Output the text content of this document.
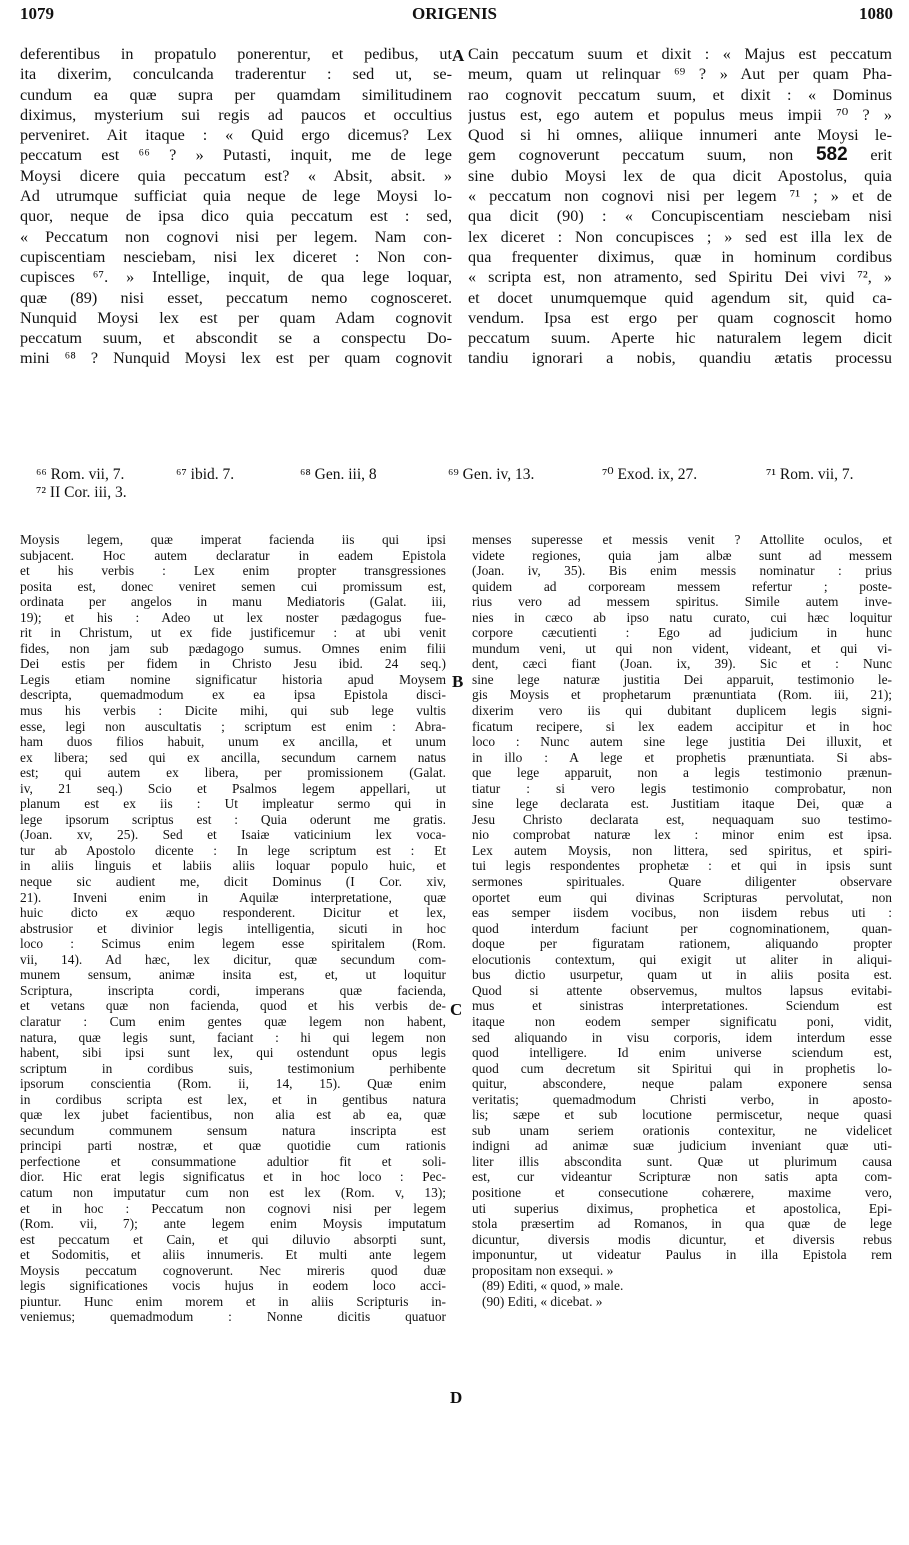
1079	ORIGENIS	1080
deferentibus in propatulo ponerentur, et pedibus, ut
ita dixerim, conculcanda traderentur : sed ut, se-
cundum ea quæ supra per quamdam similitudinem
diximus, mysterium sui regis ad paucos et occultius
perveniret. Ait itaque : « Quid ergo dicemus? Lex
peccatum est ⁶⁶ ? » Putasti, inquit, me de lege
Moysi dicere quia peccatum est? « Absit, absit. »
Ad utrumque sufficiat quia neque de lege Moysi lo-
quor, neque de ipsa dico quia peccatum est : sed,
« Peccatum non cognovi nisi per legem. Nam con-
cupiscentiam nesciebam, nisi lex diceret : Non con-
cupisces ⁶⁷. » Intellige, inquit, de qua lege loquar,
quæ (89) nisi esset, peccatum nemo cognosceret.
Nunquid Moysi lex est per quam Adam cognovit
peccatum suum, et abscondit se a conspectu Do-
mini ⁶⁸ ? Nunquid Moysi lex est per quam cognovit
Cain peccatum suum et dixit : « Majus est peccatum
meum, quam ut relinquar ⁶⁹ ? » Aut per quam Pha-
rao cognovit peccatum suum, et dixit : « Dominus
justus est, ego autem et populus meus impii ⁷⁰ ? »
Quod si hi omnes, aliique innumeri ante Moysi le-
gem cognoverunt peccatum suum, non 582 erit
sine dubio Moysi lex de qua dicit Apostolus, quia
« peccatum non cognovi nisi per legem ⁷¹ ; » et de
qua dicit (90) : « Concupiscentiam nesciebam nisi
lex diceret : Non concupisces ; » sed est illa lex de
qua frequenter diximus, quæ in hominum cordibus
« scripta est, non atramento, sed Spiritu Dei vivi ⁷², »
et docet unumquemque quid agendum sit, quid ca-
vendum. Ipsa est ergo per quam cognoscit homo
peccatum suum. Aperte hic naturalem legem dicit
tandiu ignorari a nobis, quandiu ætatis processu
A
⁶⁶ Rom. vii, 7.	⁶⁷ ibid. 7.	⁶⁸ Gen. iii, 8	⁶⁹ Gen. iv, 13.	⁷⁰ Exod. ix, 27.	⁷¹ Rom. vii, 7.
⁷² II Cor. iii, 3.
Moysis legem, quæ imperat facienda iis qui ipsi
subjacent. Hoc autem declaratur in eadem Epistola
et his verbis : Lex enim propter transgressiones
posita est, donec veniret semen cui promissum est,
ordinata per angelos in manu Mediatoris (Galat. iii,
19); et his : Adeo ut lex noster pædagogus fue-
rit in Christum, ut ex fide justificemur : at ubi venit
fides, non jam sub pædagogo sumus. Omnes enim filii
Dei estis per fidem in Christo Jesu ibid. 24 seq.)
Legis etiam nomine significatur historia apud Moysem
descripta, quemadmodum ex ea ipsa Epistola disci-
mus his verbis : Dicite mihi, qui sub lege vultis
esse, legi non auscultatis ; scriptum est enim : Abra-
ham duos filios habuit, unum ex ancilla, et unum
ex libera; sed qui ex ancilla, secundum carnem natus
est; qui autem ex libera, per promissionem (Galat.
iv, 21 seq.) Scio et Psalmos legem appellari, ut
planum est ex iis : Ut impleatur sermo qui in
lege ipsorum scriptus est : Quia oderunt me gratis.
(Joan. xv, 25). Sed et Isaiæ vaticinium lex voca-
tur ab Apostolo dicente : In lege scriptum est : Et
in aliis linguis et labiis aliis loquar populo huic, et
neque sic audient me, dicit Dominus (I Cor. xiv,
21). Inveni enim in Aquilæ interpretatione, quæ
huic dicto ex æquo responderent. Dicitur et lex,
abstrusior et divinior legis intelligentia, sicuti in hoc
loco : Scimus enim legem esse spiritalem (Rom.
vii, 14). Ad hæc, lex dicitur, quæ secundum com-
munem sensum, animæ insita est, et, ut loquitur
Scriptura, inscripta cordi, imperans quæ facienda,
et vetans quæ non facienda, quod et his verbis de-
claratur : Cum enim gentes quæ legem non habent,
natura, quæ legis sunt, faciant : hi qui legem non
habent, sibi ipsi sunt lex, qui ostendunt opus legis
scriptum in cordibus suis, testimonium perhibente
ipsorum conscientia (Rom. ii, 14, 15). Quæ enim
in cordibus scripta est lex, et in gentibus natura
quæ lex jubet facientibus, non alia est ab ea, quæ
secundum communem sensum natura inscripta est
principi parti nostræ, et quæ quotidie cum rationis
perfectione et consummatione adultior fit et soli-
dior. Hic erat legis significatus et in hoc loco : Pec-
catum non imputatur cum non est lex (Rom. v, 13);
et in hoc : Peccatum non cognovi nisi per legem
(Rom. vii, 7); ante legem enim Moysis imputatum
est peccatum et Cain, et qui diluvio absorpti sunt,
et Sodomitis, et aliis innumeris. Et multi ante legem
Moysis peccatum cognoverunt. Nec mireris quod duæ
legis significationes vocis hujus in eodem loco acci-
piuntur. Hunc enim morem et in aliis Scripturis in-
veniemus; quemadmodum : Nonne dicitis quatuor
menses superesse et messis venit ? Attollite oculos, et
videte regiones, quia jam albæ sunt ad messem
(Joan. iv, 35). Bis enim messis nominatur : prius
quidem ad corpoream messem refertur ; poste-
rius vero ad messem spiritus. Simile autem inve-
nies in cæco ab ipso natu curato, cui hæc loquitur
corpore cæcutienti : Ego ad judicium in hunc
mundum veni, ut qui non vident, videant, et qui vi-
dent, cæci fiant (Joan. ix, 39). Sic et : Nunc
sine lege naturæ justitia Dei apparuit, testimonio le-
gis Moysis et prophetarum prænuntiata (Rom. iii, 21);
dixerim vero iis qui dubitant duplicem legis signi-
ficatum recipere, si lex eadem accipitur et in hoc
loco : Nunc autem sine lege justitia Dei illuxit, et
in illo : A lege et prophetis prænuntiata. Si abs-
que lege apparuit, non a legis testimonio prænun-
tiatur : si vero legis testimonio comprobatur, non
sine lege declarata est. Justitiam itaque Dei, quæ a
Jesu Christo declarata est, nequaquam suo testimo-
nio comprobat naturæ lex : minor enim est ipsa.
Lex autem Moysis, non littera, sed spiritus, et spiri-
tui legis respondentes prophetæ : et qui in ipsis sunt
sermones spirituales. Quare diligenter observare
oportet eum qui divinas Scripturas pervolutat, non
eas semper iisdem vocibus, non iisdem rebus uti :
quod interdum faciunt per cognominationem, quan-
doque per figuratam rationem, aliquando propter
elocutionis contextum, qui exigit ut aliter in aliqui-
bus dictio usurpetur, quam ut in aliis posita est.
Quod si attente observemus, multos lapsus evitabi-
mus et sinistras interpretationes. Sciendum est
itaque non eodem semper significatu poni, vidit,
sed aliquando in visu corporis, idem interdum esse
quod intelligere. Id enim universe sciendum est,
quod cum decretum sit Spiritui qui in prophetis lo-
quitur, abscondere, neque palam exponere sensa
veritatis; quemadmodum Christi verbo, in aposto-
lis; sæpe et sub locutione permiscetur, neque quasi
sub unam seriem orationis contexitur, ne videlicet
indigni ad animæ suæ judicium inveniant quæ uti-
liter illis abscondita sunt. Quæ ut plurimum causa
est, cur videantur Scripturæ non satis apta com-
positione et consecutione cohærere, maxime vero,
uti superius diximus, prophetica et apostolica, Epi-
stola præsertim ad Romanos, in qua quæ de lege
dicuntur, diversis modis dicuntur, et diversis rebus
imponuntur, ut videatur Paulus in illa Epistola rem
propositam non exsequi. »
(89) Editi, « quod, » male.
(90) Editi, « dicebat. »
B
C
D
